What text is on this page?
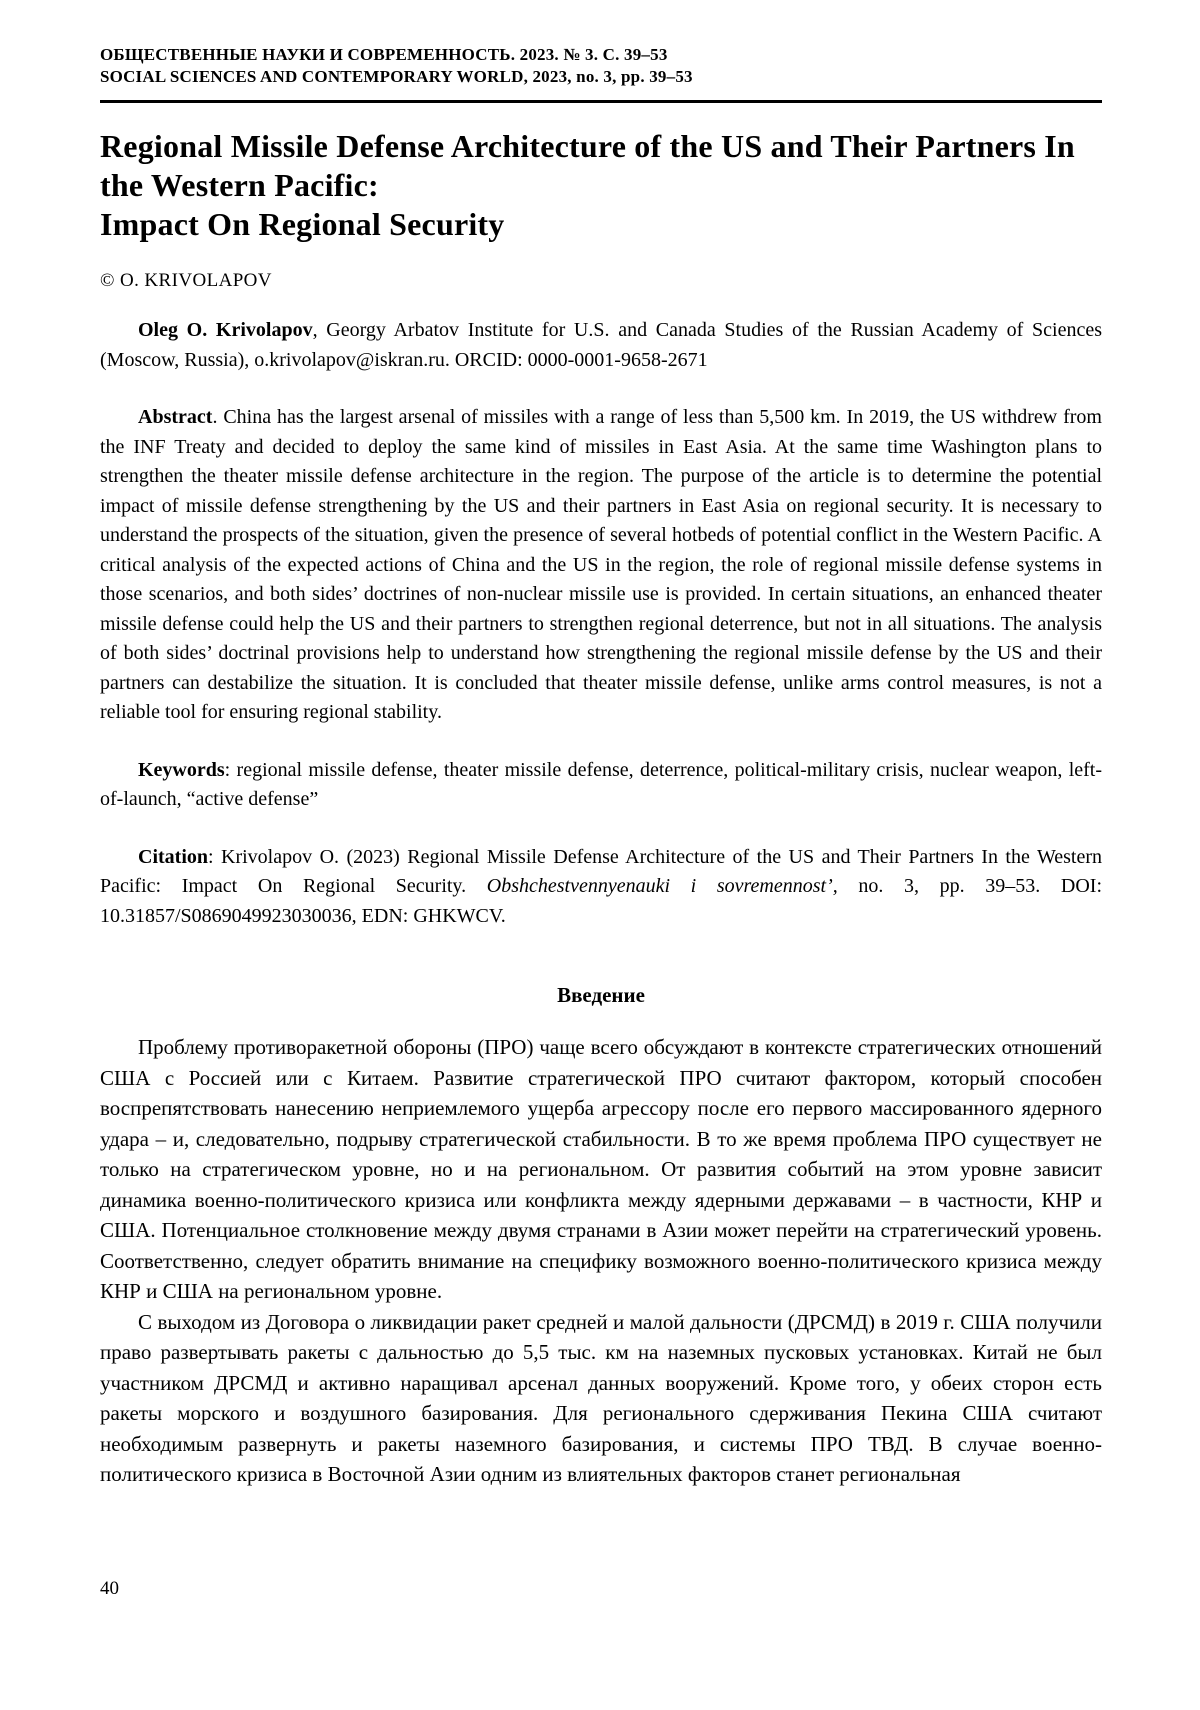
ОБЩЕСТВЕННЫЕ НАУКИ И СОВРЕМЕННОСТЬ. 2023. № 3. С. 39–53
SOCIAL SCIENCES AND CONTEMPORARY WORLD, 2023, no. 3, pp. 39–53
Regional Missile Defense Architecture of the US and Their Partners In the Western Pacific:
Impact On Regional Security
© O. KRIVOLAPOV

Oleg O. Krivolapov, Georgy Arbatov Institute for U.S. and Canada Studies of the Russian Academy of Sciences (Moscow, Russia), o.krivolapov@iskran.ru. ORCID: 0000-0001-9658-2671

Abstract. China has the largest arsenal of missiles with a range of less than 5,500 km. In 2019, the US withdrew from the INF Treaty and decided to deploy the same kind of missiles in East Asia. At the same time Washington plans to strengthen the theater missile defense architecture in the region. The purpose of the article is to determine the potential impact of missile defense strengthening by the US and their partners in East Asia on regional security. It is necessary to understand the prospects of the situation, given the presence of several hotbeds of potential conflict in the Western Pacific. A critical analysis of the expected actions of China and the US in the region, the role of regional missile defense systems in those scenarios, and both sides’ doctrines of non-nuclear missile use is provided. In certain situations, an enhanced theater missile defense could help the US and their partners to strengthen regional deterrence, but not in all situations. The analysis of both sides’ doctrinal provisions help to understand how strengthening the regional missile defense by the US and their partners can destabilize the situation. It is concluded that theater missile defense, unlike arms control measures, is not a reliable tool for ensuring regional stability.

Keywords: regional missile defense, theater missile defense, deterrence, political-military crisis, nuclear weapon, left-of-launch, “active defense”

Citation: Krivolapov O. (2023) Regional Missile Defense Architecture of the US and Their Partners In the Western Pacific: Impact On Regional Security. Obshchestvennyenauki i sovremennost’, no. 3, pp. 39–53. DOI: 10.31857/S0869049923030036, EDN: GHKWCV.

Введение

Проблему противоракетной обороны (ПРО) чаще всего обсуждают в контексте стратегических отношений США с Россией или с Китаем. Развитие стратегической ПРО считают фактором, который способен воспрепятствовать нанесению неприемлемого ущерба агрессору после его первого массированного ядерного удара – и, следовательно, подрыву стратегической стабильности. В то же время проблема ПРО существует не только на стратегическом уровне, но и на региональном. От развития событий на этом уровне зависит динамика военно-политического кризиса или конфликта между ядерными державами – в частности, КНР и США. Потенциальное столкновение между двумя странами в Азии может перейти на стратегический уровень. Соответственно, следует обратить внимание на специфику возможного военно-политического кризиса между КНР и США на региональном уровне.

С выходом из Договора о ликвидации ракет средней и малой дальности (ДРСМД) в 2019 г. США получили право развертывать ракеты с дальностью до 5,5 тыс. км на наземных пусковых установках. Китай не был участником ДРСМД и активно наращивал арсенал данных вооружений. Кроме того, у обеих сторон есть ракеты морского и воздушного базирования. Для регионального сдерживания Пекина США считают необходимым развернуть и ракеты наземного базирования, и системы ПРО ТВД. В случае военно-политического кризиса в Восточной Азии одним из влиятельных факторов станет региональная

40
